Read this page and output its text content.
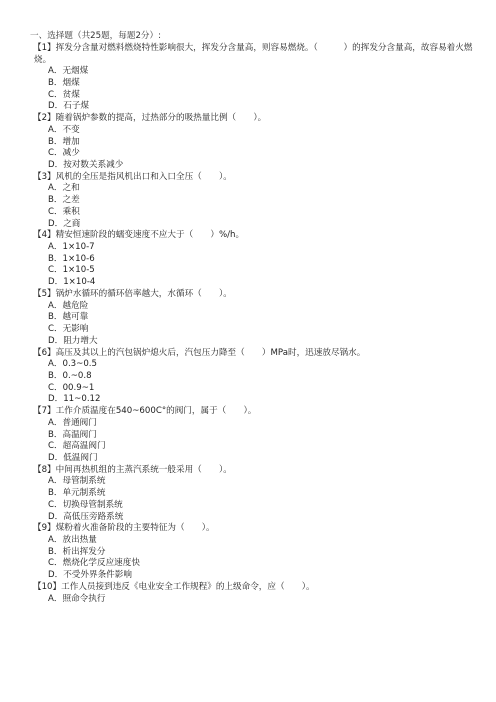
一、选择题（共25题，每题2分）:
【1】挥发分含量对燃料燃烧特性影响很大，挥发分含量高，则容易燃烧。（　　　）的挥发分含量高，故容易着火燃烧。
A．无烟煤
B．烟煤
C．贫煤
D．石子煤
【2】随着锅炉参数的提高，过热部分的吸热量比例（　　）。
A．不变
B．增加
C．减少
D．按对数关系减少
【3】风机的全压是指风机出口和入口全压（　　）。
A．之和
B．之差
C．乘积
D．之商
【4】精安恒速阶段的蠕变速度不应大于（　　）%/h。
A．1×10-7
B．1×10-6
C．1×10-5
D．1×10-4
【5】锅炉水循环的循环倍率越大，水循环（　　）。
A．越危险
B．越可靠
C．无影响
D．阻力增大
【6】高压及其以上的汽包锅炉熄火后，汽包压力降至（　　）MPa时，迅速放尽锅水。
A．0.3~0.5
B．0.~0.8
C．00.9~1
D．11~0.12
【7】工作介质温度在540~600C°的阀门，属于（　　）。
A．普通阀门
B．高温阀门
C．超高温阀门
D．低温阀门
【8】中间再热机组的主蒸汽系统一般采用（　　）。
A．母管制系统
B．单元制系统
C．切换母管制系统
D．高低压旁路系统
【9】煤粉着火准备阶段的主要特征为（　　）。
A．放出热量
B．析出挥发分
C．燃烧化学反应速度快
D．不受外界条件影响
【10】工作人员接到违反《电业安全工作规程》的上级命令，应（　　）。
A．照命令执行
